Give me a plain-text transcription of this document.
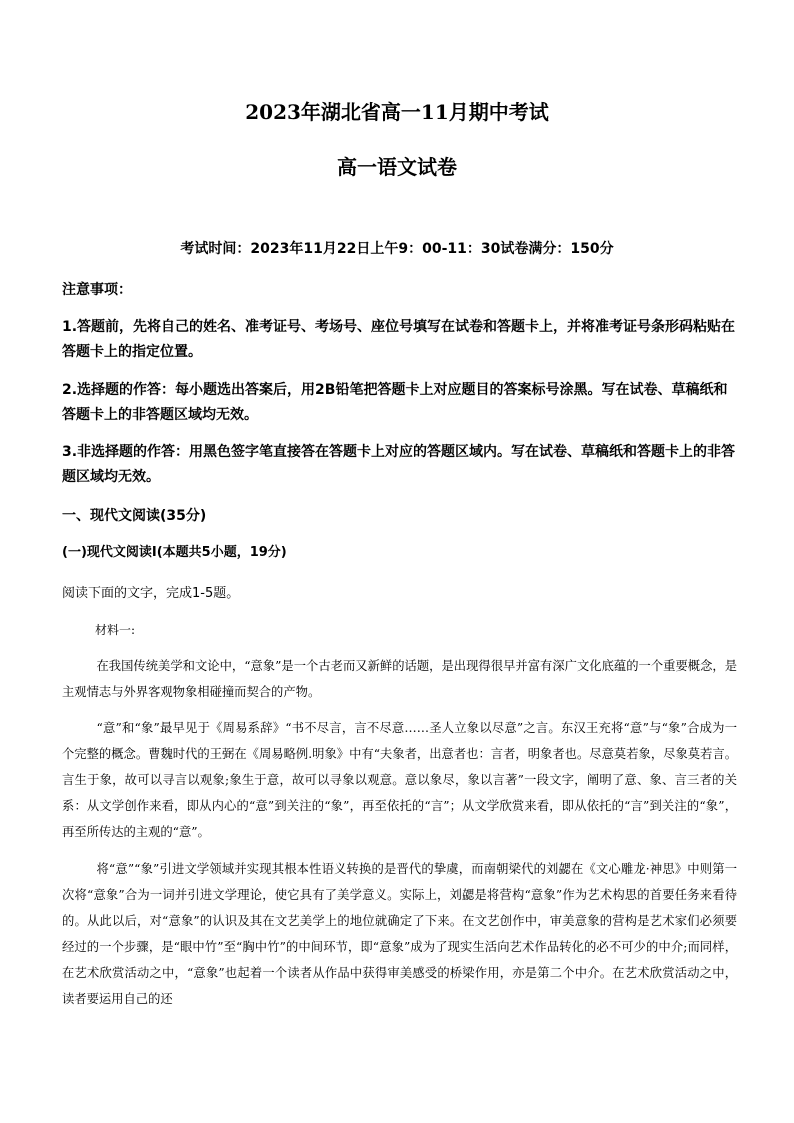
2023年湖北省高一11月期中考试
高一语文试卷
考试时间：2023年11月22日上午9：00-11：30试卷满分：150分
注意事项：
1.答题前，先将自己的姓名、准考证号、考场号、座位号填写在试卷和答题卡上，并将准考证号条形码粘贴在答题卡上的指定位置。
2.选择题的作答：每小题选出答案后，用2B铅笔把答题卡上对应题目的答案标号涂黑。写在试卷、草稿纸和答题卡上的非答题区域均无效。
3.非选择题的作答：用黑色签字笔直接答在答题卡上对应的答题区域内。写在试卷、草稿纸和答题卡上的非答题区域均无效。
一、现代文阅读(35分)
(一)现代文阅读Ⅰ(本题共5小题，19分)
阅读下面的文字，完成1-5题。
材料一:
在我国传统美学和文论中，“意象”是一个古老而又新鲜的话题，是出现得很早并富有深广文化底蕴的一个重要概念，是主观情志与外界客观物象相碰撞而契合的产物。
“意”和“象”最早见于《周易系辞》“书不尽言，言不尽意……圣人立象以尽意”之言。东汉王充将“意”与“象”合成为一个完整的概念。曹魏时代的王弼在《周易略例.明象》中有“夫象者，出意者也：言者，明象者也。尽意莫若象，尽象莫若言。言生于象，故可以寻言以观象;象生于意，故可以寻象以观意。意以象尽，象以言著”一段文字，阐明了意、象、言三者的关系：从文学创作来看，即从内心的“意”到关注的“象”，再至依托的“言”；从文学欣赏来看，即从依托的“言”到关注的“象”，再至所传达的主观的“意”。
将“意”“象”引进文学领域并实现其根本性语义转换的是晋代的挚虞，而南朝梁代的刘勰在《文心雕龙·神思》中则第一次将“意象”合为一词并引进文学理论，使它具有了美学意义。实际上，刘勰是将营构“意象”作为艺术构思的首要任务来看待的。从此以后，对“意象”的认识及其在文艺美学上的地位就确定了下来。在文艺创作中，审美意象的营构是艺术家们必须要经过的一个步骤，是“眼中竹”至“胸中竹”的中间环节，即“意象”成为了现实生活向艺术作品转化的必不可少的中介;而同样，在艺术欣赏活动之中，“意象”也起着一个读者从作品中获得审美感受的桥梁作用，亦是第二个中介。在艺术欣赏活动之中，读者要运用自己的还
